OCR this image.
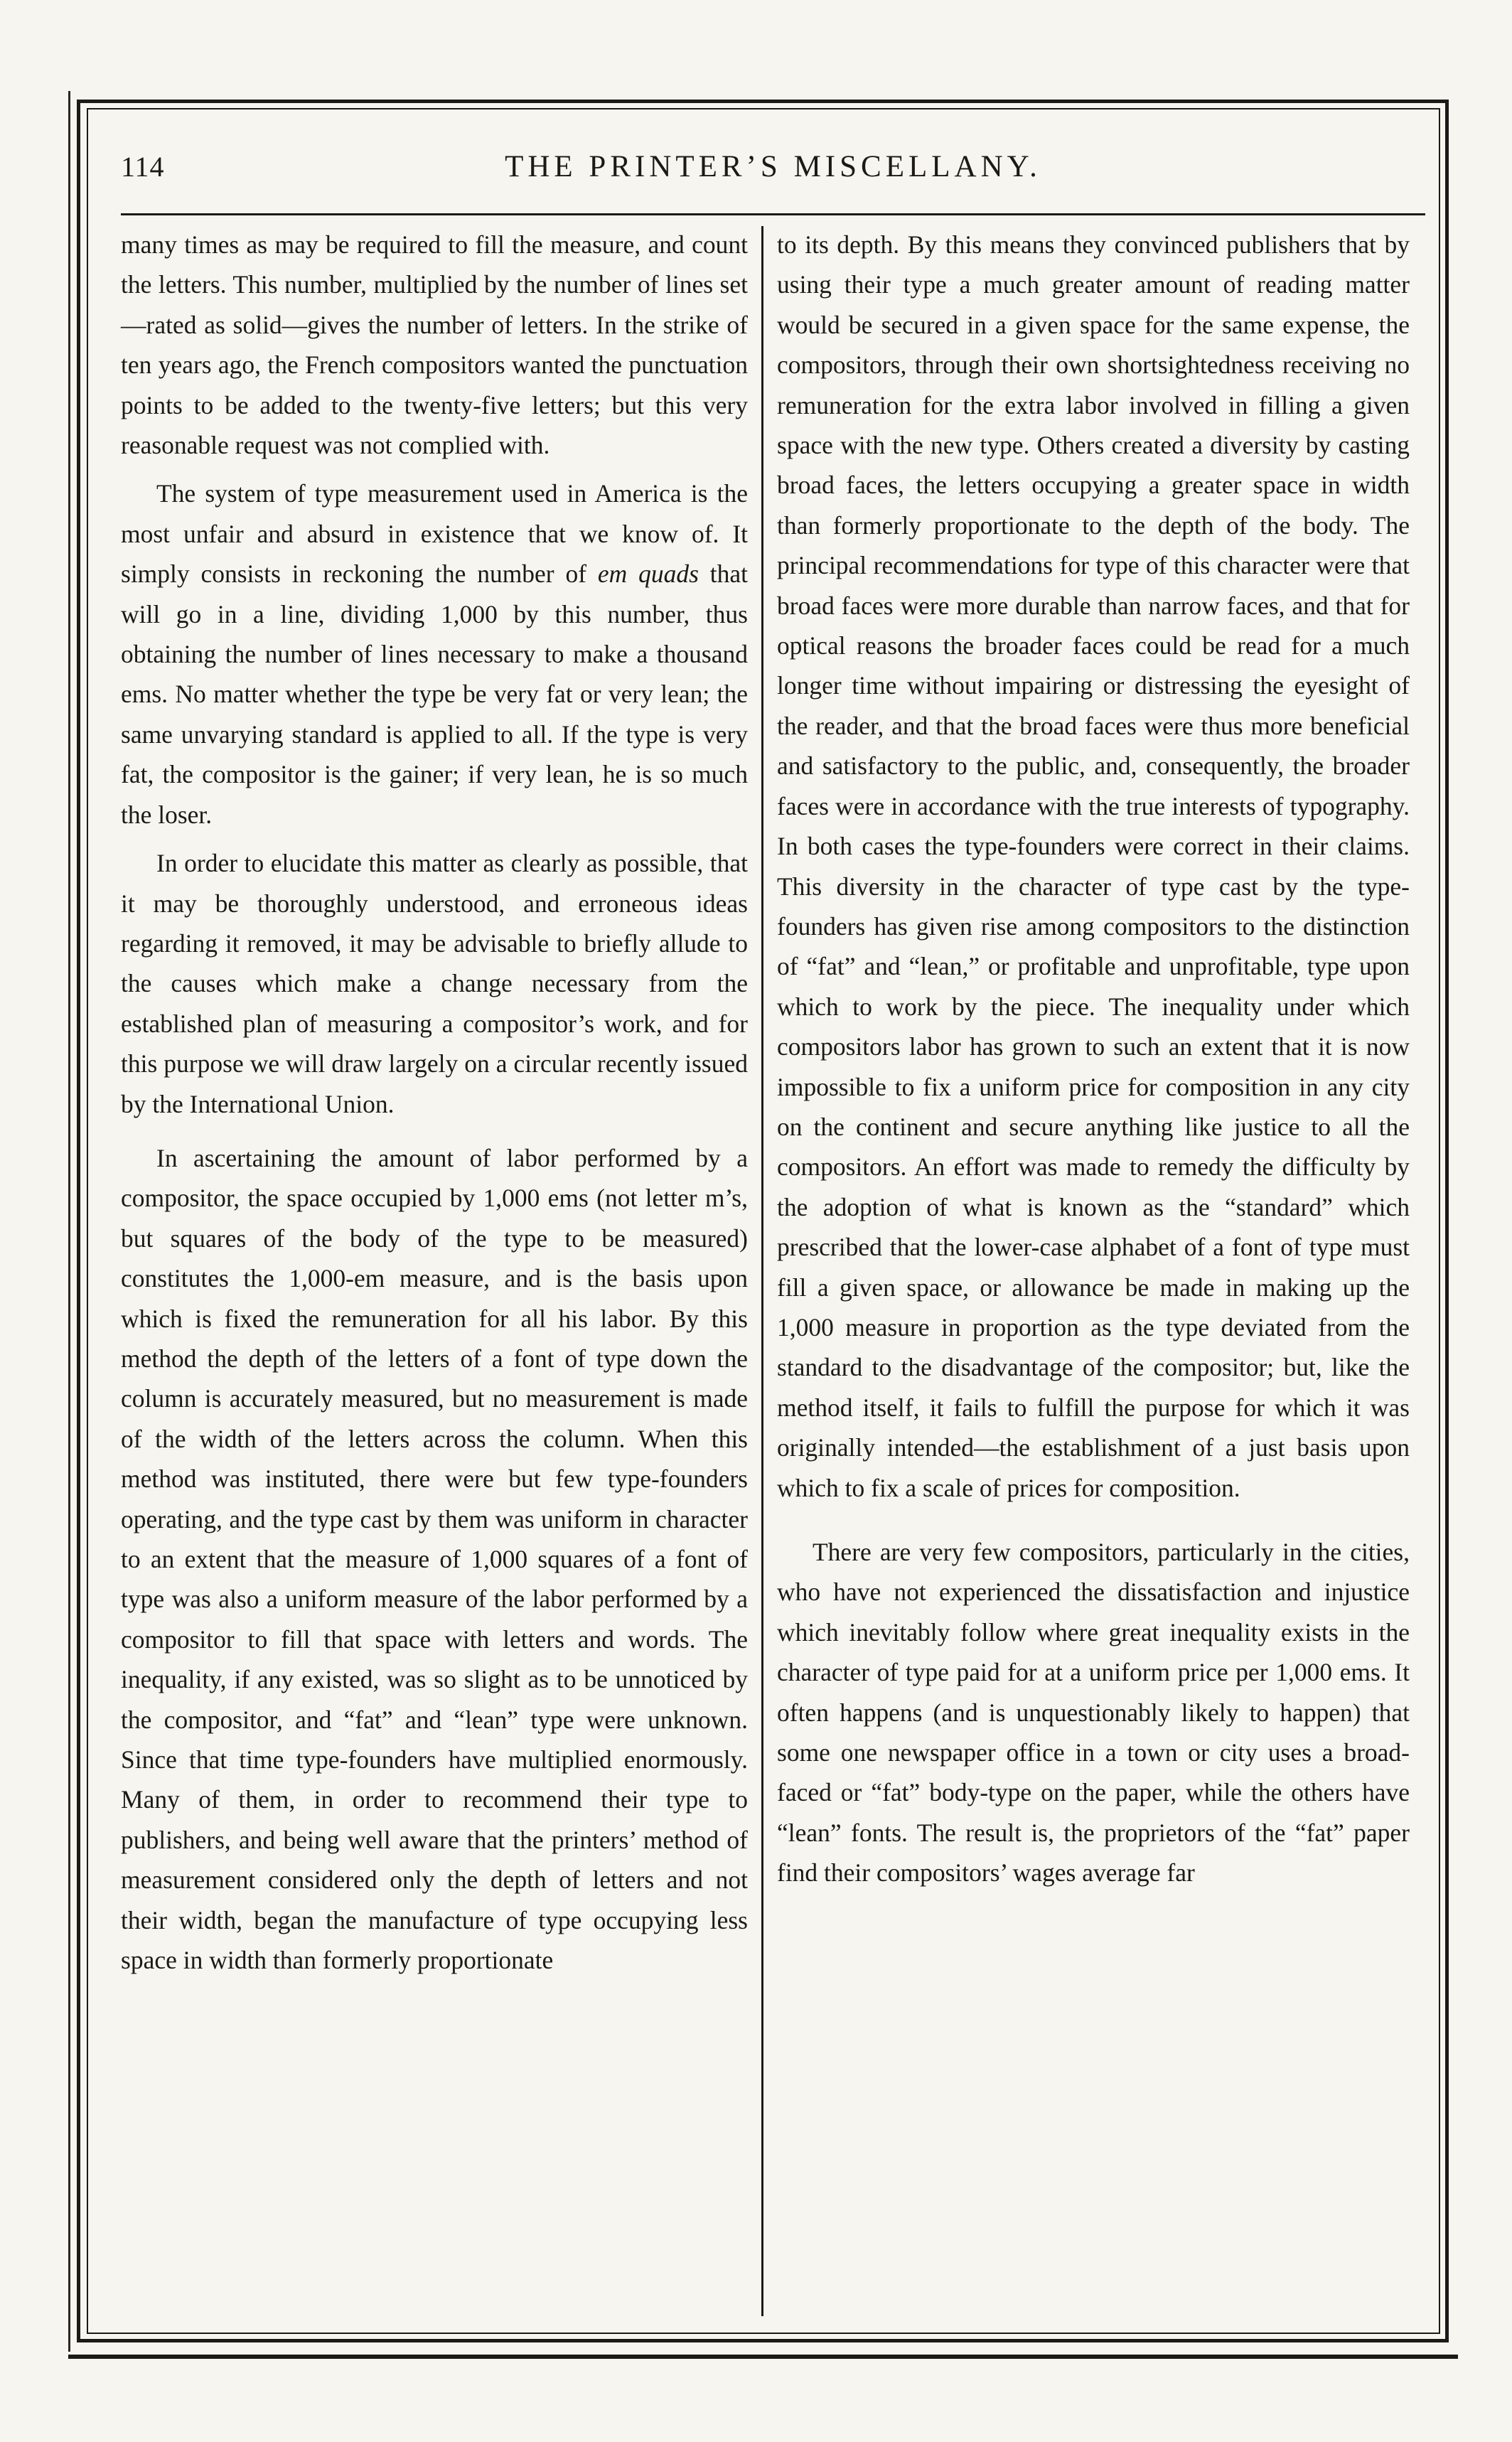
114	THE PRINTER’S MISCELLANY.

many times as may be required to fill the measure, and count the letters. This number, multiplied by the number of lines set—rated as solid—gives the number of letters. In the strike of ten years ago, the French compositors wanted the punctuation points to be added to the twenty-five letters; but this very reasonable request was not complied with.

The system of type measurement used in America is the most unfair and absurd in existence that we know of. It simply consists in reckoning the number of em quads that will go in a line, dividing 1,000 by this number, thus obtaining the number of lines necessary to make a thousand ems. No matter whether the type be very fat or very lean; the same unvarying standard is applied to all. If the type is very fat, the compositor is the gainer; if very lean, he is so much the loser.

In order to elucidate this matter as clearly as possible, that it may be thoroughly understood, and erroneous ideas regarding it removed, it may be advisable to briefly allude to the causes which make a change necessary from the established plan of measuring a compositor’s work, and for this purpose we will draw largely on a circular recently issued by the International Union.

In ascertaining the amount of labor performed by a compositor, the space occupied by 1,000 ems (not letter m’s, but squares of the body of the type to be measured) constitutes the 1,000-em measure, and is the basis upon which is fixed the remuneration for all his labor. By this method the depth of the letters of a font of type down the column is accurately measured, but no measurement is made of the width of the letters across the column. When this method was instituted, there were but few type-founders operating, and the type cast by them was uniform in character to an extent that the measure of 1,000 squares of a font of type was also a uniform measure of the labor performed by a compositor to fill that space with letters and words. The inequality, if any existed, was so slight as to be unnoticed by the compositor, and “fat” and “lean” type were unknown. Since that time type-founders have multiplied enormously. Many of them, in order to recommend their type to publishers, and being well aware that the printers’ method of measurement considered only the depth of letters and not their width, began the manufacture of type occupying less space in width than formerly proportionate

to its depth. By this means they convinced publishers that by using their type a much greater amount of reading matter would be secured in a given space for the same expense, the compositors, through their own shortsightedness receiving no remuneration for the extra labor involved in filling a given space with the new type. Others created a diversity by casting broad faces, the letters occupying a greater space in width than formerly proportionate to the depth of the body. The principal recommendations for type of this character were that broad faces were more durable than narrow faces, and that for optical reasons the broader faces could be read for a much longer time without impairing or distressing the eyesight of the reader, and that the broad faces were thus more beneficial and satisfactory to the public, and, consequently, the broader faces were in accordance with the true interests of typography. In both cases the type-founders were correct in their claims. This diversity in the character of type cast by the type-founders has given rise among compositors to the distinction of “fat” and “lean,” or profitable and unprofitable, type upon which to work by the piece. The inequality under which compositors labor has grown to such an extent that it is now impossible to fix a uniform price for composition in any city on the continent and secure anything like justice to all the compositors. An effort was made to remedy the difficulty by the adoption of what is known as the “standard” which prescribed that the lower-case alphabet of a font of type must fill a given space, or allowance be made in making up the 1,000 measure in proportion as the type deviated from the standard to the disadvantage of the compositor; but, like the method itself, it fails to fulfill the purpose for which it was originally intended—the establishment of a just basis upon which to fix a scale of prices for composition.

There are very few compositors, particularly in the cities, who have not experienced the dissatisfaction and injustice which inevitably follow where great inequality exists in the character of type paid for at a uniform price per 1,000 ems. It often happens (and is unquestionably likely to happen) that some one newspaper office in a town or city uses a broad-faced or “fat” body-type on the paper, while the others have “lean” fonts. The result is, the proprietors of the “fat” paper find their compositors’ wages average far
